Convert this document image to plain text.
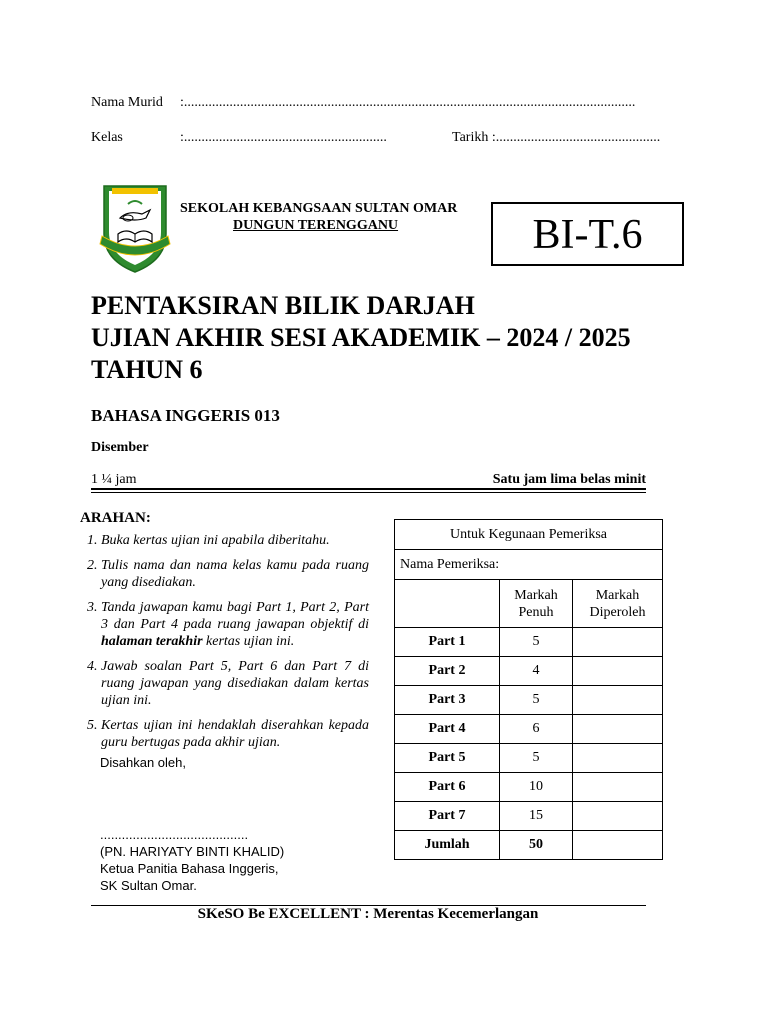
Nama Murid :.................................................................................................................................
Kelas	:..........................................................	Tarikh :...............................................
SEKOLAH KEBANGSAAN SULTAN OMAR
DUNGUN TERENGGANU	BI-T.6
PENTAKSIRAN BILIK DARJAH
UJIAN AKHIR SESI AKADEMIK – 2024 / 2025
TAHUN 6
BAHASA INGGERIS 013
Disember
1 ¼ jam	Satu jam lima belas minit
ARAHAN:
1. Buka kertas ujian ini apabila diberitahu.
2. Tulis nama dan nama kelas kamu pada ruang yang disediakan.
3. Tanda jawapan kamu bagi Part 1, Part 2, Part 3 dan Part 4 pada ruang jawapan objektif di halaman terakhir kertas ujian ini.
4. Jawab soalan Part 5, Part 6 dan Part 7 di ruang jawapan yang disediakan dalam kertas ujian ini.
5. Kertas ujian ini hendaklah diserahkan kepada guru bertugas pada akhir ujian.
Disahkan oleh,
.........................................
(PN. HARIYATY BINTI KHALID)
Ketua Panitia Bahasa Inggeris,
SK Sultan Omar.
Untuk Kegunaan Pemeriksa		
Nama Pemeriksa:		
	Markah Penuh	Markah Diperoleh
Part 1	5	
Part 2	4	
Part 3	5	
Part 4	6	
Part 5	5	
Part 6	10	
Part 7	15	
Jumlah	50	
SKeSO Be EXCELLENT : Merentas Kecemerlangan
